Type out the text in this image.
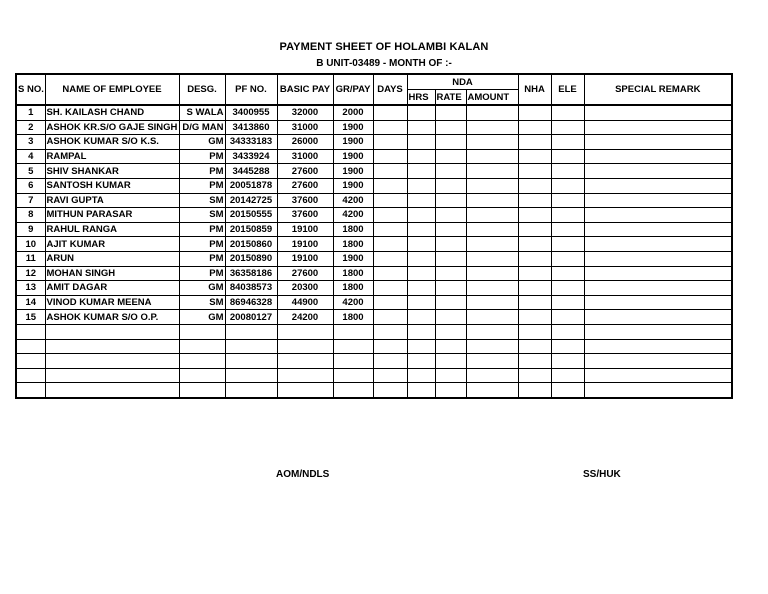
PAYMENT SHEET OF HOLAMBI KALAN
B UNIT-03489 - MONTH OF :-
S NO.	NAME OF EMPLOYEE	DESG.	PF NO.	BASIC PAY	GR/PAY	DAYS	NDA			NHA	ELE	SPECIAL REMARK
							HRS	RATE	AMOUNT			
1	SH. KAILASH CHAND	S WALA	3400955	32000	2000							
2	ASHOK KR.S/O GAJE SINGH	D/G MAN	3413860	31000	1900							
3	ASHOK KUMAR S/O K.S.	GM	34333183	26000	1900							
4	RAMPAL	PM	3433924	31000	1900							
5	SHIV SHANKAR	PM	3445288	27600	1900							
6	SANTOSH KUMAR	PM	20051878	27600	1900							
7	RAVI GUPTA	SM	20142725	37600	4200							
8	MITHUN PARASAR	SM	20150555	37600	4200							
9	RAHUL RANGA	PM	20150859	19100	1800							
10	AJIT KUMAR	PM	20150860	19100	1800							
11	ARUN	PM	20150890	19100	1900							
12	MOHAN SINGH	PM	36358186	27600	1800							
13	AMIT DAGAR	GM	84038573	20300	1800							
14	VINOD KUMAR MEENA	SM	86946328	44900	4200							
15	ASHOK KUMAR S/O O.P.	GM	20080127	24200	1800							

AOM/NDLS	SS/HUK
